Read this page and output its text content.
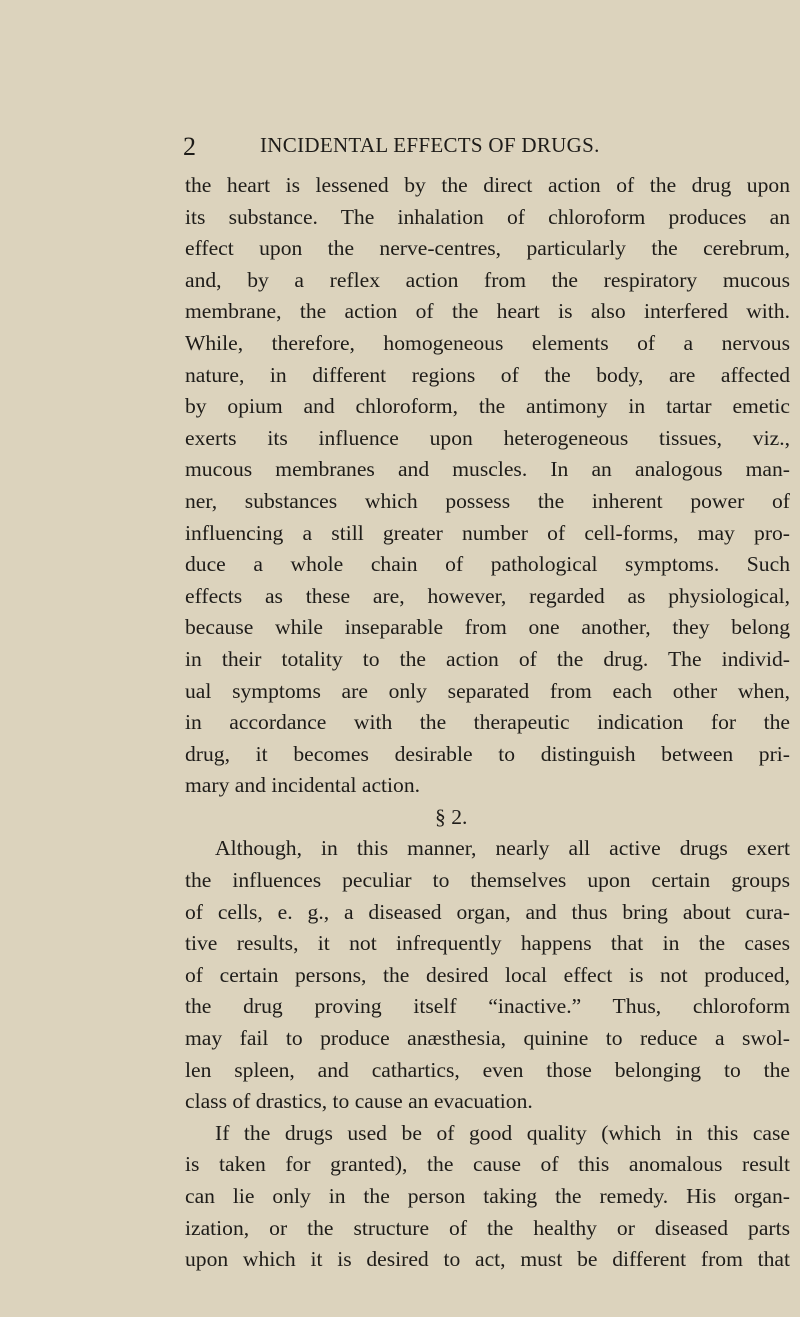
2	INCIDENTAL EFFECTS OF DRUGS.
the heart is lessened by the direct action of the drug upon
its substance. The inhalation of chloroform produces an
effect upon the nerve-centres, particularly the cerebrum,
and, by a reflex action from the respiratory mucous
membrane, the action of the heart is also interfered with.
While, therefore, homogeneous elements of a nervous
nature, in different regions of the body, are affected
by opium and chloroform, the antimony in tartar emetic
exerts its influence upon heterogeneous tissues, viz.,
mucous membranes and muscles. In an analogous man-
ner, substances which possess the inherent power of
influencing a still greater number of cell-forms, may pro-
duce a whole chain of pathological symptoms. Such
effects as these are, however, regarded as physiological,
because while inseparable from one another, they belong
in their totality to the action of the drug. The individ-
ual symptoms are only separated from each other when,
in accordance with the therapeutic indication for the
drug, it becomes desirable to distinguish between pri-
mary and incidental action.
§ 2.
Although, in this manner, nearly all active drugs exert
the influences peculiar to themselves upon certain groups
of cells, e. g., a diseased organ, and thus bring about cura-
tive results, it not infrequently happens that in the cases
of certain persons, the desired local effect is not produced,
the drug proving itself “inactive.” Thus, chloroform
may fail to produce anæsthesia, quinine to reduce a swol-
len spleen, and cathartics, even those belonging to the
class of drastics, to cause an evacuation.
If the drugs used be of good quality (which in this case
is taken for granted), the cause of this anomalous result
can lie only in the person taking the remedy. His organ-
ization, or the structure of the healthy or diseased parts
upon which it is desired to act, must be different from that
